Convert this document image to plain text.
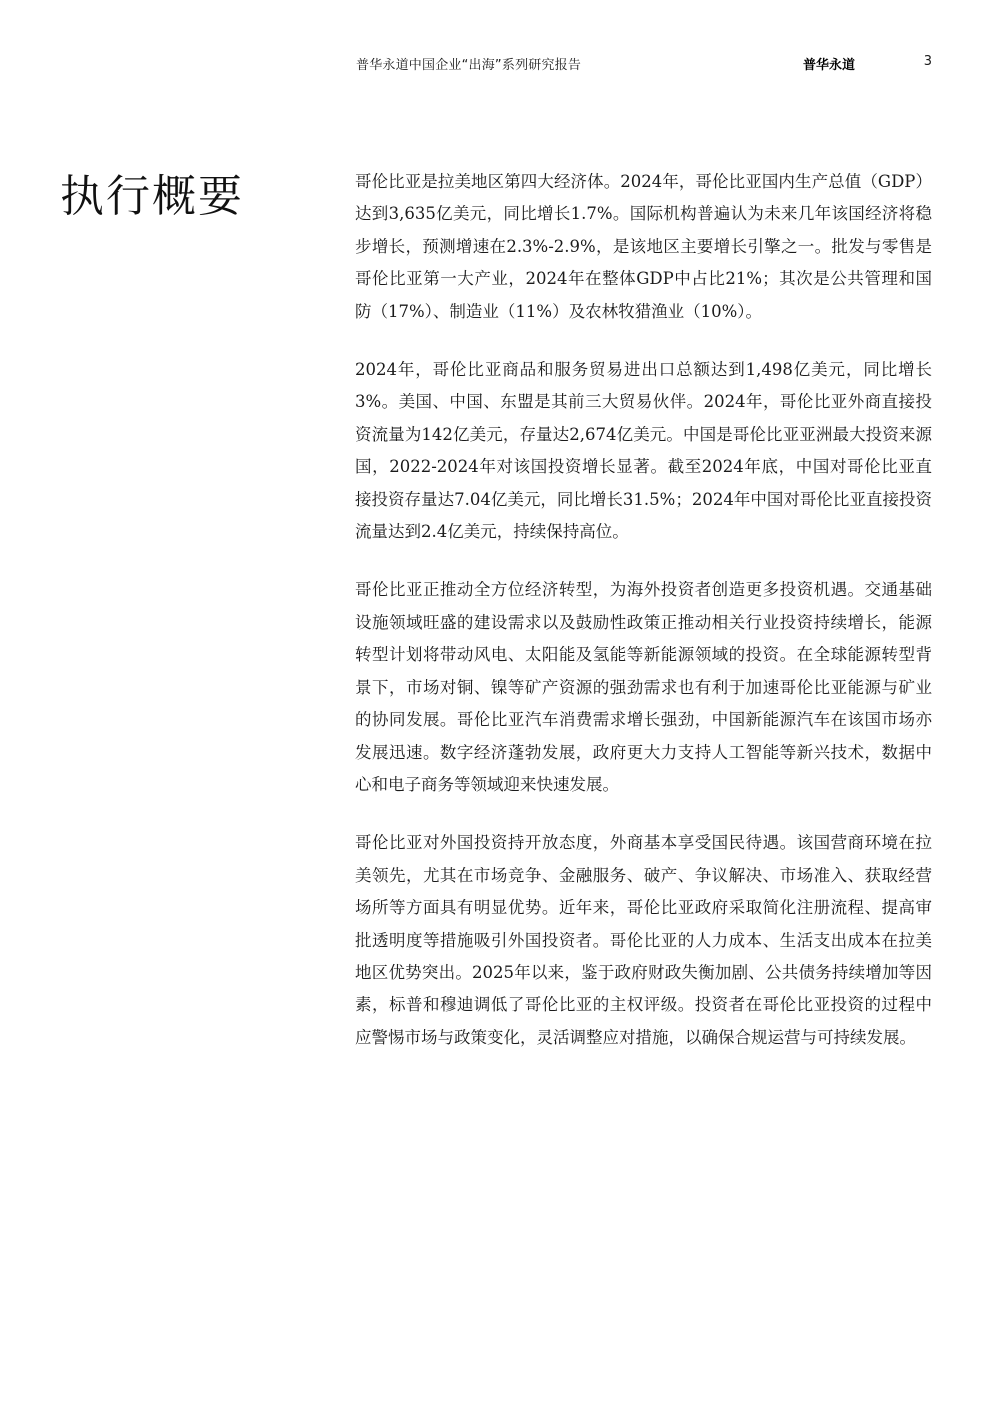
普华永道中国企业“出海”系列研究报告	普华永道	3
执行概要	哥伦比亚是拉美地区第四大经济体。2024年，哥伦比亚国内生产总值（GDP）达到3,635亿美元，同比增长1.7%。国际机构普遍认为未来几年该国经济将稳步增长，预测增速在2.3%-2.9%，是该地区主要增长引擎之一。批发与零售是哥伦比亚第一大产业，2024年在整体GDP中占比21%；其次是公共管理和国防（17%）、制造业（11%）及农林牧猎渔业（10%）。

2024年，哥伦比亚商品和服务贸易进出口总额达到1,498亿美元，同比增长3%。美国、中国、东盟是其前三大贸易伙伴。2024年，哥伦比亚外商直接投资流量为142亿美元，存量达2,674亿美元。中国是哥伦比亚亚洲最大投资来源国，2022-2024年对该国投资增长显著。截至2024年底，中国对哥伦比亚直接投资存量达7.04亿美元，同比增长31.5%；2024年中国对哥伦比亚直接投资流量达到2.4亿美元，持续保持高位。

哥伦比亚正推动全方位经济转型，为海外投资者创造更多投资机遇。交通基础设施领域旺盛的建设需求以及鼓励性政策正推动相关行业投资持续增长，能源转型计划将带动风电、太阳能及氢能等新能源领域的投资。在全球能源转型背景下，市场对铜、镍等矿产资源的强劲需求也有利于加速哥伦比亚能源与矿业的协同发展。哥伦比亚汽车消费需求增长强劲，中国新能源汽车在该国市场亦发展迅速。数字经济蓬勃发展，政府更大力支持人工智能等新兴技术，数据中心和电子商务等领域迎来快速发展。

哥伦比亚对外国投资持开放态度，外商基本享受国民待遇。该国营商环境在拉美领先，尤其在市场竞争、金融服务、破产、争议解决、市场准入、获取经营场所等方面具有明显优势。近年来，哥伦比亚政府采取简化注册流程、提高审批透明度等措施吸引外国投资者。哥伦比亚的人力成本、生活支出成本在拉美地区优势突出。2025年以来，鉴于政府财政失衡加剧、公共债务持续增加等因素，标普和穆迪调低了哥伦比亚的主权评级。投资者在哥伦比亚投资的过程中应警惕市场与政策变化，灵活调整应对措施，以确保合规运营与可持续发展。
